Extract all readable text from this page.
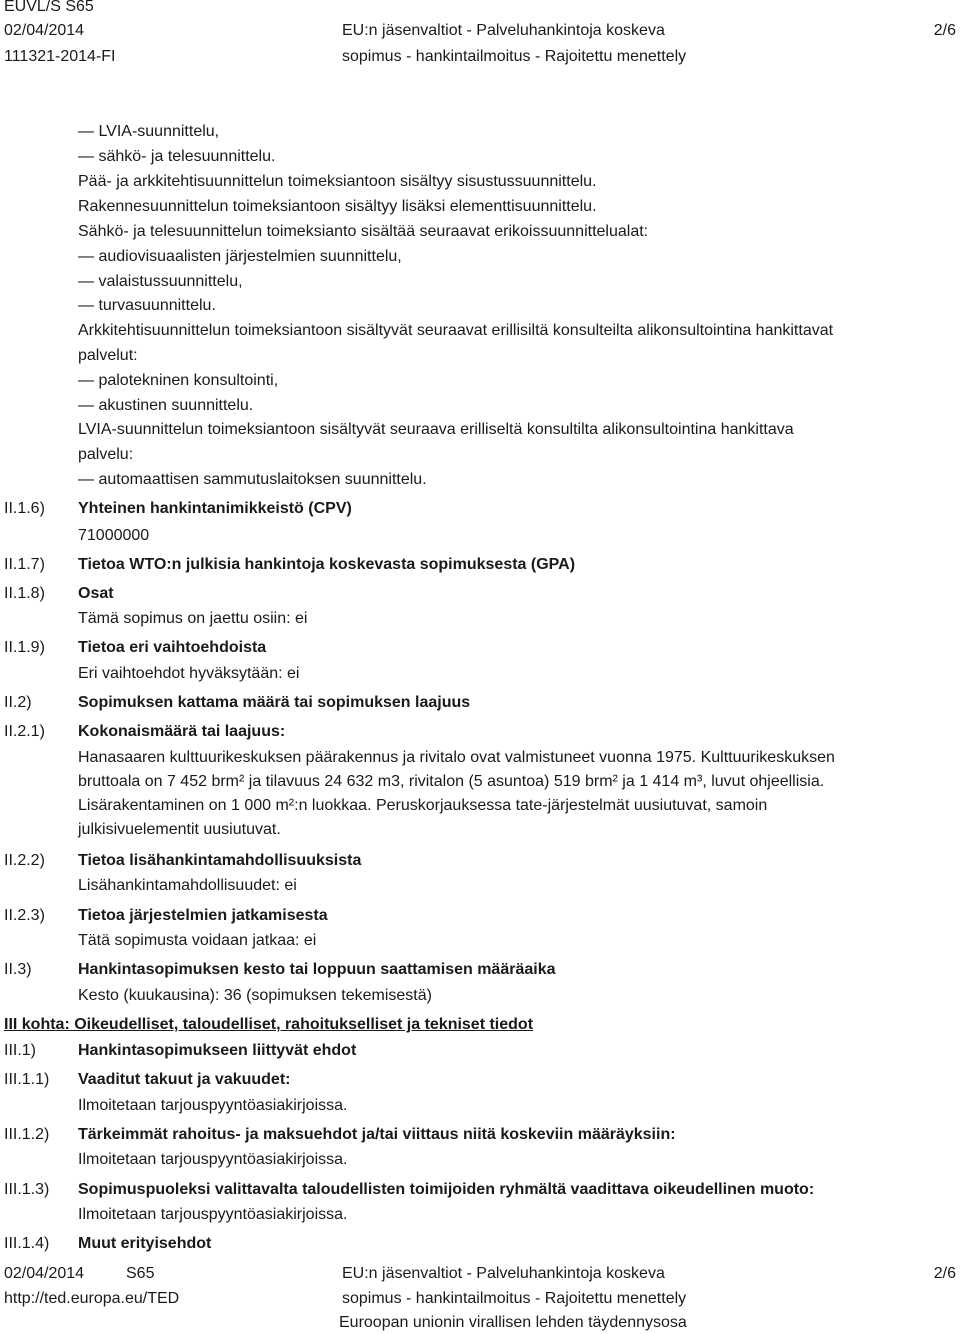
EUVL/S S65
02/04/2014
111321-2014-FI
EU:n jäsenvaltiot - Palveluhankintoja koskeva
sopimus - hankintailmoitus - Rajoitettu menettely
2/6
— LVIA-suunnittelu,
— sähkö- ja telesuunnittelu.
Pää- ja arkkitehtisuunnittelun toimeksiantoon sisältyy sisustussuunnittelu.
Rakennesuunnittelun toimeksiantoon sisältyy lisäksi elementtisuunnittelu.
Sähkö- ja telesuunnittelun toimeksianto sisältää seuraavat erikoissuunnittelualat:
— audiovisuaalisten järjestelmien suunnittelu,
— valaistussuunnittelu,
— turvasuunnittelu.
Arkkitehtisuunnittelun toimeksiantoon sisältyvät seuraavat erillisiltä konsulteilta alikonsultointina hankittavat
palvelut:
— palotekninen konsultointi,
— akustinen suunnittelu.
LVIA-suunnittelun toimeksiantoon sisältyvät seuraava erilliseltä konsultilta alikonsultointina hankittava
palvelu:
— automaattisen sammutuslaitoksen suunnittelu.
II.1.6) Yhteinen hankintanimikkeistö (CPV)
71000000
II.1.7) Tietoa WTO:n julkisia hankintoja koskevasta sopimuksesta (GPA)
II.1.8) Osat
Tämä sopimus on jaettu osiin: ei
II.1.9) Tietoa eri vaihtoehdoista
Eri vaihtoehdot hyväksytään: ei
II.2)	Sopimuksen kattama määrä tai sopimuksen laajuus
II.2.1) Kokonaismäärä tai laajuus:
Hanasaaren kulttuurikeskuksen päärakennus ja rivitalo ovat valmistuneet vuonna 1975. Kulttuurikeskuksen
bruttoala on 7 452 brm² ja tilavuus 24 632 m3, rivitalon (5 asuntoa) 519 brm² ja 1 414 m³, luvut ohjeellisia.
Lisärakentaminen on 1 000 m²:n luokkaa. Peruskorjauksessa tate-järjestelmät uusiutuvat, samoin
julkisivuelementit uusiutuvat.
II.2.2) Tietoa lisähankintamahdollisuuksista
Lisähankintamahdollisuudet: ei
II.2.3) Tietoa järjestelmien jatkamisesta
Tätä sopimusta voidaan jatkaa: ei
II.3)	Hankintasopimuksen kesto tai loppuun saattamisen määräaika
Kesto (kuukausina): 36 (sopimuksen tekemisestä)
III kohta: Oikeudelliset, taloudelliset, rahoitukselliset ja tekniset tiedot
III.1)	Hankintasopimukseen liittyvät ehdot
III.1.1) Vaaditut takuut ja vakuudet:
Ilmoitetaan tarjouspyyntöasiakirjoissa.
III.1.2) Tärkeimmät rahoitus- ja maksuehdot ja/tai viittaus niitä koskeviin määräyksiin:
Ilmoitetaan tarjouspyyntöasiakirjoissa.
III.1.3) Sopimuspuoleksi valittavalta taloudellisten toimijoiden ryhmältä vaadittava oikeudellinen muoto:
Ilmoitetaan tarjouspyyntöasiakirjoissa.
III.1.4) Muut erityisehdot
02/04/2014	S65
http://ted.europa.eu/TED
EU:n jäsenvaltiot - Palveluhankintoja koskeva
sopimus - hankintailmoitus - Rajoitettu menettely
Euroopan unionin virallisen lehden täydennysosa
2/6
